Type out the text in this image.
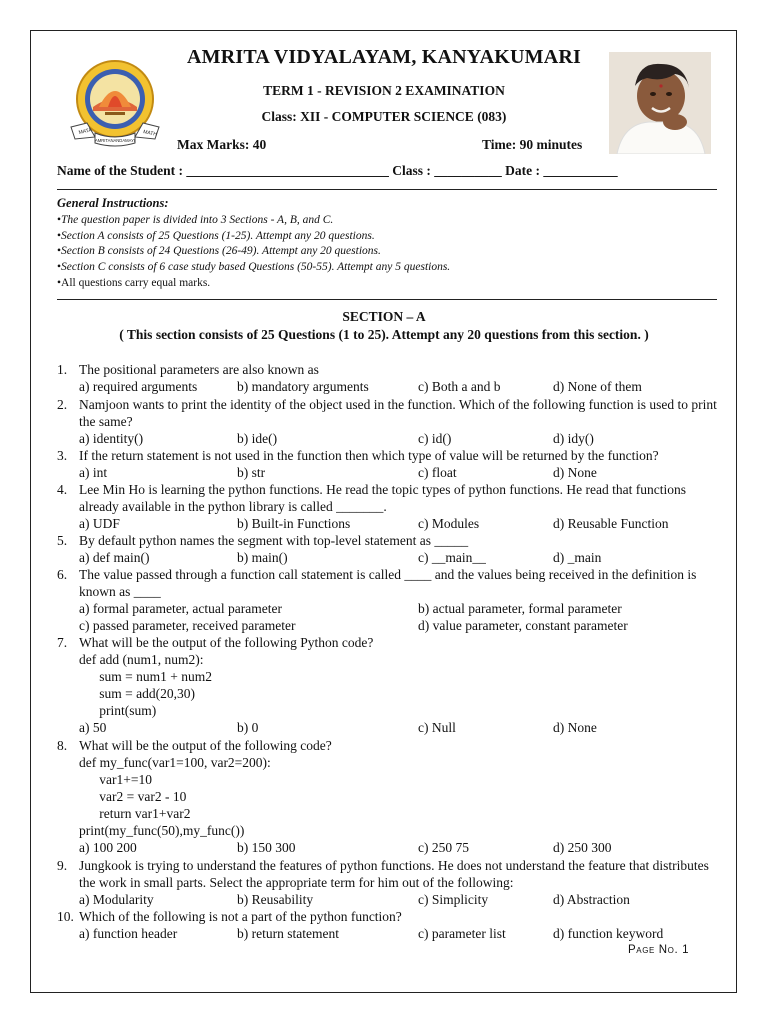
MATA
AMRITANANDAMAYI
MATH
AMRITA VIDYALAYAM, KANYAKUMARI
TERM 1 - REVISION 2 EXAMINATION
Class: XII - COMPUTER SCIENCE (083)
Max Marks: 40	Time: 90 minutes
Name of the Student : ______________________________ Class : __________ Date : ___________
General Instructions:
• The question paper is divided into 3 Sections - A, B, and C.
• Section A consists of 25 Questions (1-25). Attempt any 20 questions.
• Section B consists of 24 Questions (26-49). Attempt any 20 questions.
• Section C consists of 6 case study based Questions (50-55). Attempt any 5 questions.
• All questions carry equal marks.
SECTION – A
( This section consists of 25 Questions (1 to 25). Attempt any 20 questions from this section. )
1. The positional parameters are also known as
a) required arguments	b) mandatory arguments	c) Both a and b	d) None of them
2. Namjoon wants to print the identity of the object used in the function. Which of the following function is used to print the same?
a) identity()	b) ide()	c) id()	d) idy()
3. If the return statement is not used in the function then which type of value will be returned by the function?
a) int	b) str	c) float	d) None
4. Lee Min Ho is learning the python functions. He read the topic types of python functions. He read that functions already available in the python library is called _______.
a) UDF	b) Built-in Functions	c) Modules	d) Reusable Function
5. By default python names the segment with top-level statement as _____
a) def main()	b) main()	c) __main__	d) _main
6. The value passed through a function call statement is called ____ and the values being received in the definition is known as ____
a) formal parameter, actual parameter	b) actual parameter, formal parameter
c) passed parameter, received parameter	d) value parameter, constant parameter
7. What will be the output of the following Python code?
def add (num1, num2):
sum = num1 + num2
sum = add(20,30)
print(sum)
a) 50	b) 0	c) Null	d) None
8. What will be the output of the following code?
def my_func(var1=100, var2=200):
var1+=10
var2 = var2 - 10
return var1+var2
print(my_func(50),my_func())
a) 100 200	b) 150 300	c) 250 75	d) 250 300
9. Jungkook is trying to understand the features of python functions. He does not understand the feature that distributes the work in small parts. Select the appropriate term for him out of the following:
a) Modularity	b) Reusability	c) Simplicity	d) Abstraction
10. Which of the following is not a part of the python function?
a) function header	b) return statement	c) parameter list	d) function keyword
Page No. 1
